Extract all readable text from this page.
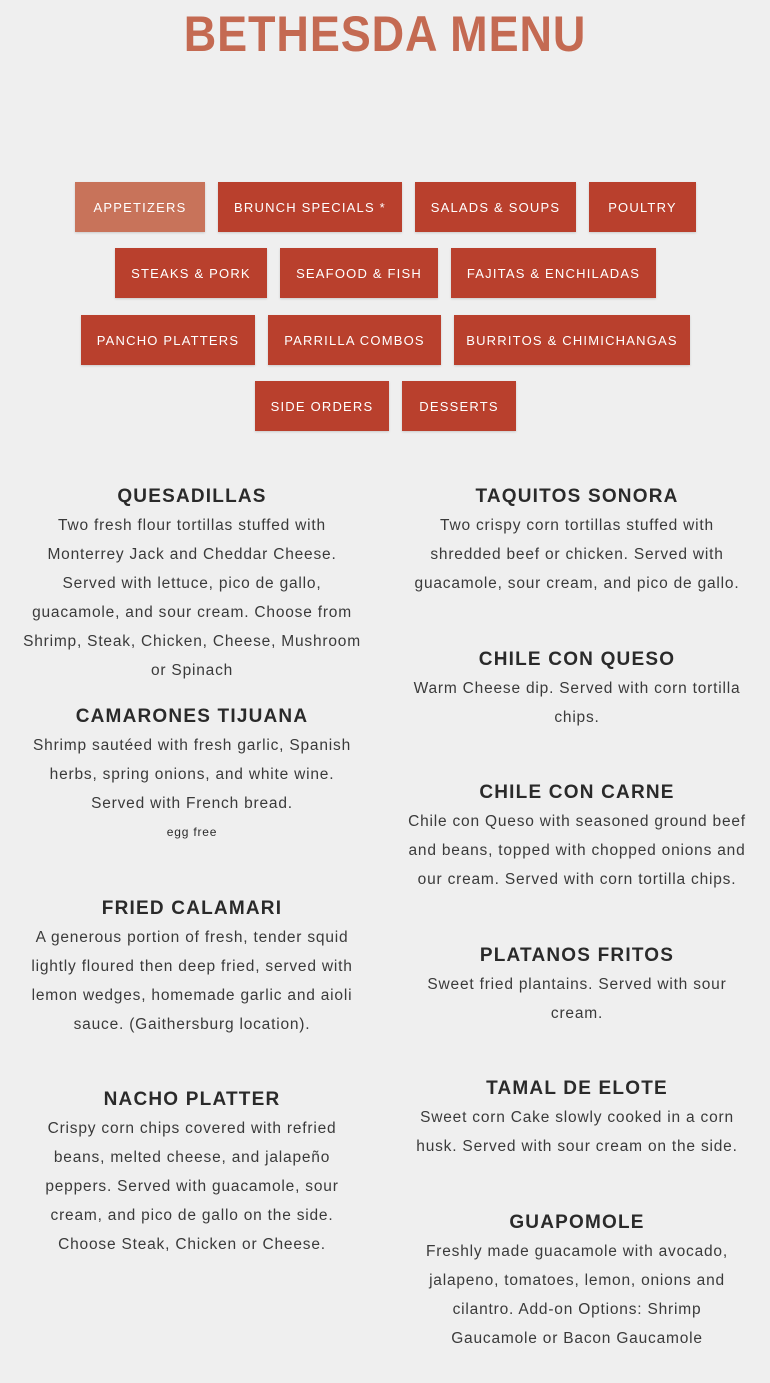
BETHESDA MENU
APPETIZERS	BRUNCH SPECIALS *	SALADS & SOUPS	POULTRY
STEAKS & PORK	SEAFOOD & FISH	FAJITAS & ENCHILADAS
PANCHO PLATTERS	PARRILLA COMBOS	BURRITOS & CHIMICHANGAS
SIDE ORDERS	DESSERTS
QUESADILLAS

Two fresh flour tortillas stuffed with Monterrey Jack and Cheddar Cheese. Served with lettuce, pico de gallo, guacamole, and sour cream. Choose from Shrimp, Steak, Chicken, Cheese, Mushroom or Spinach

CAMARONES TIJUANA

Shrimp sautéed with fresh garlic, Spanish herbs, spring onions, and white wine. Served with French bread.

egg free
FRIED CALAMARI

A generous portion of fresh, tender squid lightly floured then deep fried, served with lemon wedges, homemade garlic and aioli sauce. (Gaithersburg location).

NACHO PLATTER

Crispy corn chips covered with refried beans, melted cheese, and jalapeño peppers. Served with guacamole, sour cream, and pico de gallo on the side. Choose Steak, Chicken or Cheese.

TAQUITOS SONORA

Two crispy corn tortillas stuffed with shredded beef or chicken. Served with guacamole, sour cream, and pico de gallo.

CHILE CON QUESO

Warm Cheese dip. Served with corn tortilla chips.

CHILE CON CARNE

Chile con Queso with seasoned ground beef and beans, topped with chopped onions and our cream. Served with corn tortilla chips.

PLATANOS FRITOS

Sweet fried plantains. Served with sour cream.

TAMAL DE ELOTE

Sweet corn Cake slowly cooked in a corn husk. Served with sour cream on the side.

GUAPOMOLE

Freshly made guacamole with avocado, jalapeno, tomatoes, lemon, onions and cilantro. Add-on Options: Shrimp Gaucamole or Bacon Gaucamole
